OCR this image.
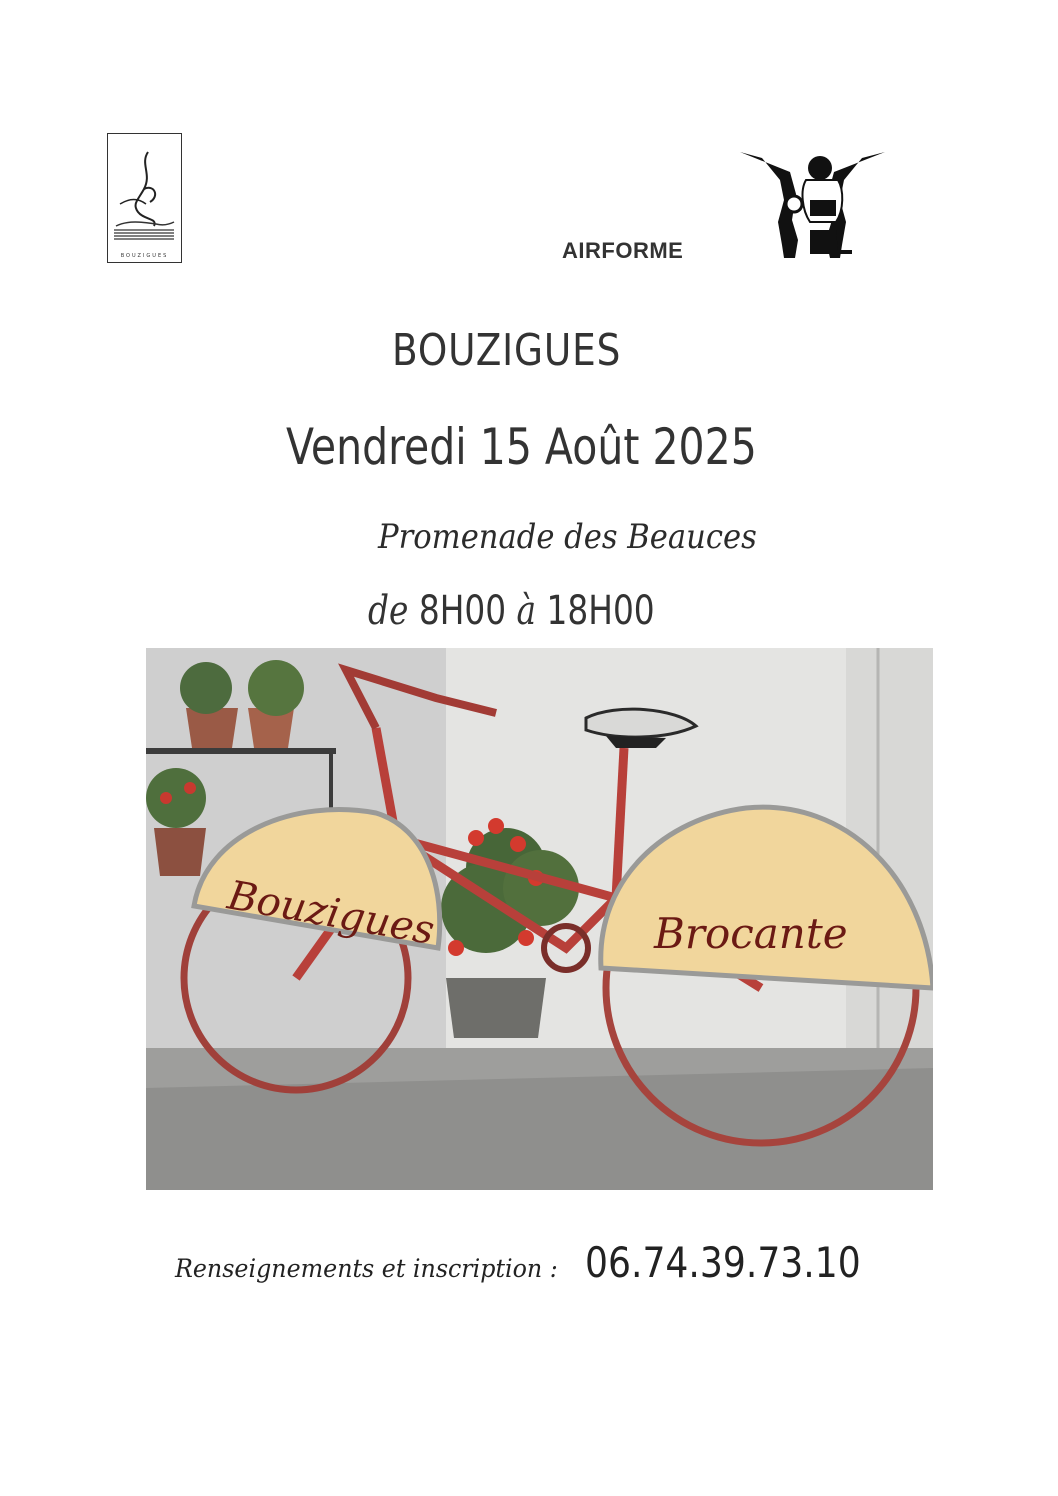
BOUZIGUES	AIRFORME
BOUZIGUES
Vendredi 15 Août 2025
Promenade des Beauces
de 8H00 à 18H00
Bouzigues	Brocante
Renseignements et inscription : 06.74.39.73.10
